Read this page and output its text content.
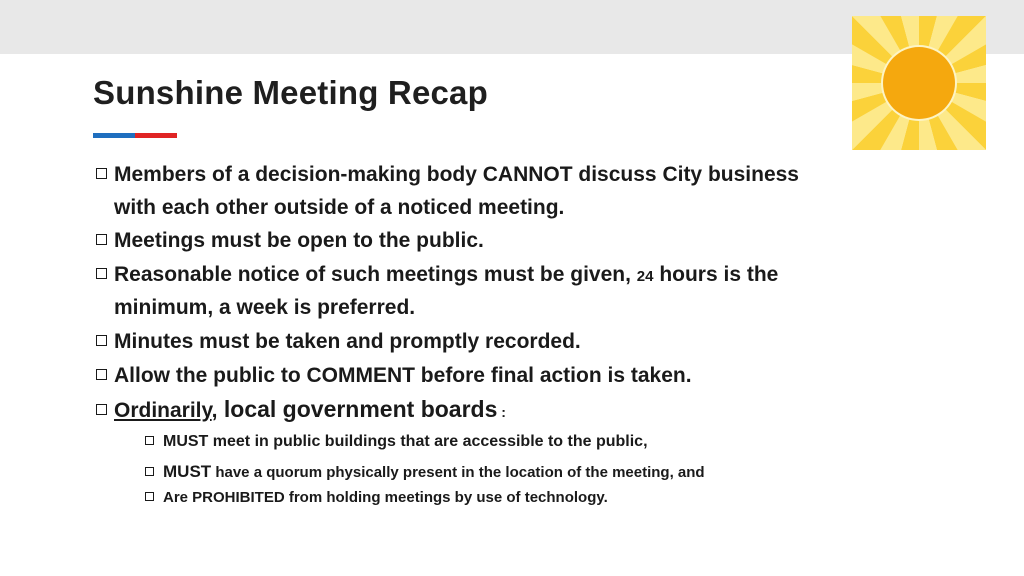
Sunshine Meeting Recap
Members of a decision-making body CANNOT discuss City business
with each other outside of a noticed meeting.
Meetings must be open to the public.
Reasonable notice of such meetings must be given, 24 hours is the
minimum, a week is preferred.
Minutes must be taken and promptly recorded.
Allow the public to COMMENT before final action is taken.
Ordinarily, local government boards :
MUST meet in public buildings that are accessible to the public,
MUST have a quorum physically present in the location of the meeting, and
Are PROHIBITED from holding meetings by use of technology.
